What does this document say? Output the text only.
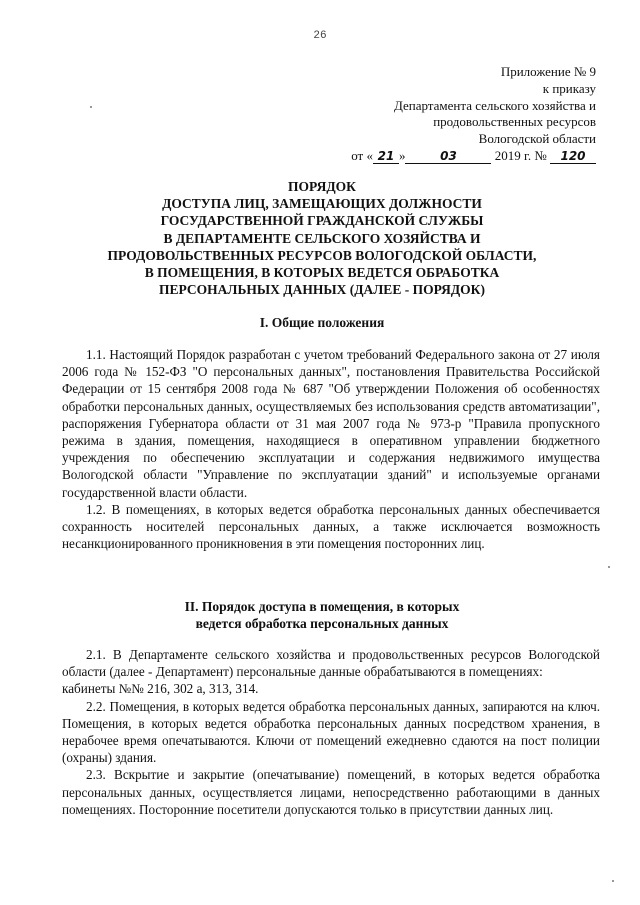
26
Приложение № 9
к приказу
Департамента сельского хозяйства и
продовольственных ресурсов
Вологодской области
от « 21 »	03	2019 г. № 120
ПОРЯДОК
ДОСТУПА ЛИЦ, ЗАМЕЩАЮЩИХ ДОЛЖНОСТИ
ГОСУДАРСТВЕННОЙ ГРАЖДАНСКОЙ СЛУЖБЫ
В ДЕПАРТАМЕНТЕ СЕЛЬСКОГО ХОЗЯЙСТВА И
ПРОДОВОЛЬСТВЕННЫХ РЕСУРСОВ ВОЛОГОДСКОЙ ОБЛАСТИ,
В ПОМЕЩЕНИЯ, В КОТОРЫХ ВЕДЕТСЯ ОБРАБОТКА
ПЕРСОНАЛЬНЫХ ДАННЫХ (ДАЛЕЕ - ПОРЯДОК)
I. Общие положения

1.1. Настоящий Порядок разработан с учетом требований Федерального закона от 27 июля 2006 года № 152-ФЗ "О персональных данных", постановления Правительства Российской Федерации от 15 сентября 2008 года № 687 "Об утверждении Положения об особенностях обработки персональных данных, осуществляемых без использования средств автоматизации", распоряжения Губернатора области от 31 мая 2007 года № 973-р "Правила пропускного режима в здания, помещения, находящиеся в оперативном управлении бюджетного учреждения по обеспечению эксплуатации и содержания недвижимого имущества Вологодской области "Управление по эксплуатации зданий" и используемые органами государственной власти области.

1.2. В помещениях, в которых ведется обработка персональных данных обеспечивается сохранность носителей персональных данных, а также исключается возможность несанкционированного проникновения в эти помещения посторонних лиц.

II. Порядок доступа в помещения, в которых
ведется обработка персональных данных

2.1. В Департаменте сельского хозяйства и продовольственных ресурсов Вологодской области (далее - Департамент) персональные данные обрабатываются в помещениях:

кабинеты №№ 216, 302 а, 313, 314.

2.2. Помещения, в которых ведется обработка персональных данных, запираются на ключ. Помещения, в которых ведется обработка персональных данных посредством хранения, в нерабочее время опечатываются. Ключи от помещений ежедневно сдаются на пост полиции (охраны) здания.

2.3. Вскрытие и закрытие (опечатывание) помещений, в которых ведется обработка персональных данных, осуществляется лицами, непосредственно работающими в данных помещениях. Посторонние посетители допускаются только в присутствии данных лиц.
